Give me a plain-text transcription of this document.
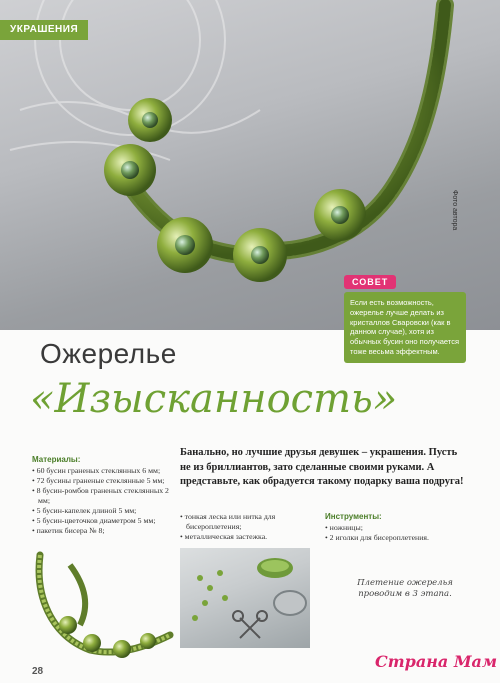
УКРАШЕНИЯ
Фото автора
СОВЕТ
Если есть возможность, ожерелье лучше делать из кристаллов Сваровски (как в данном случае), хотя из обычных бусин оно получается тоже весьма эффектным.
Ожерелье
«Изысканность»
Банально, но лучшие друзья девушек – украшения. Пусть не из бриллиантов, зато сделанные своими руками. А представьте, как обрадуется такому подарку ваша подруга!
Материалы:
• 60 бусин граненых стеклянных 6 мм;
• 72 бусины граненые стеклянные 5 мм;
• 8 бусин-ромбов граненых стеклянных 2 мм;
• 5 бусин-капелек длиной 5 мм;
• 5 бусин-цветочков диаметром 5 мм;
• пакетик бисера № 8;
• тонкая леска или нитка для бисероплетения;
• металлическая застежка.
Инструменты:
• ножницы;
• 2 иголки для бисероплетения.
Плетение ожерелья проводим в 3 этапа.
28
Страна Мам
